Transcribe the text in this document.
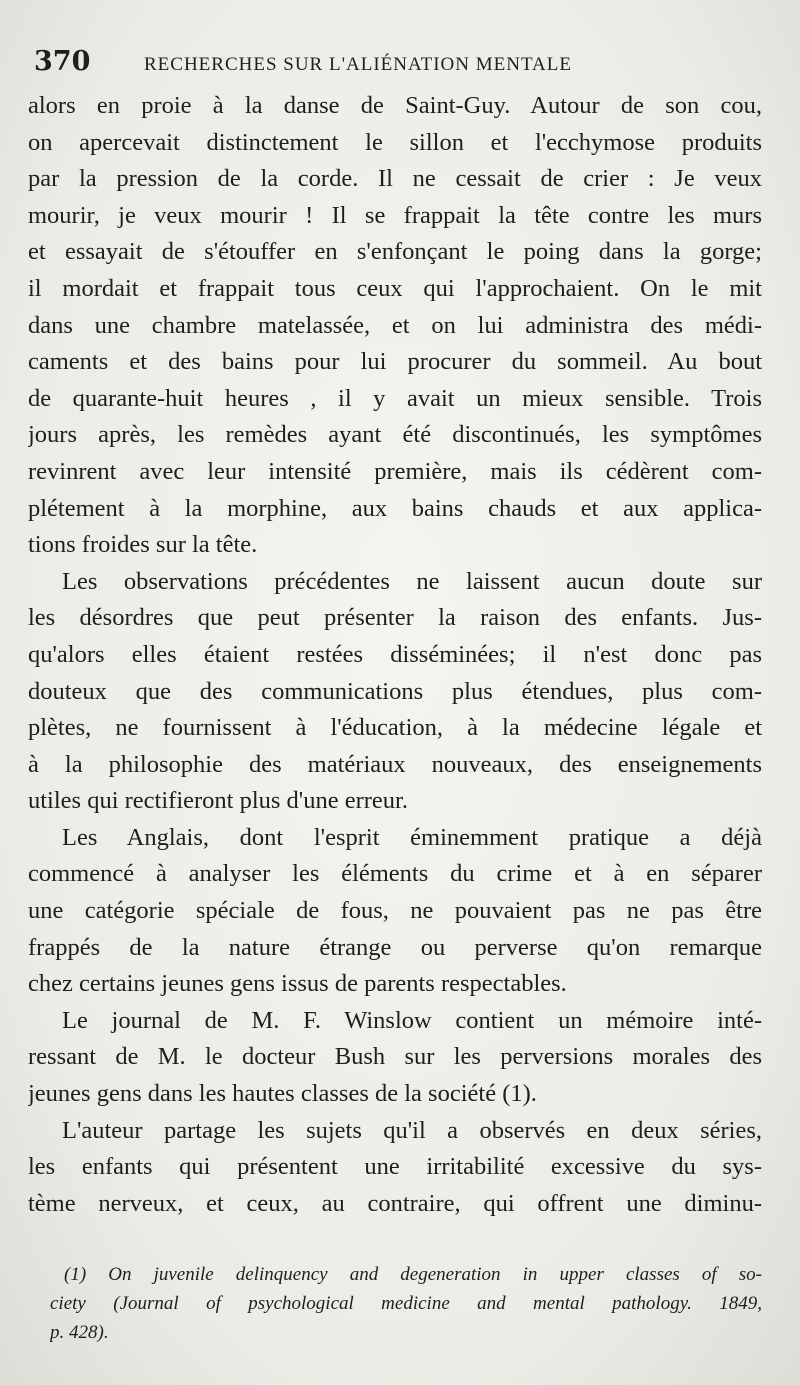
370	RECHERCHES SUR L'ALIÉNATION MENTALE
alors en proie à la danse de Saint-Guy. Autour de son cou,
on apercevait distinctement le sillon et l'ecchymose produits
par la pression de la corde. Il ne cessait de crier : Je veux
mourir, je veux mourir ! Il se frappait la tête contre les murs
et essayait de s'étouffer en s'enfonçant le poing dans la gorge;
il mordait et frappait tous ceux qui l'approchaient. On le mit
dans une chambre matelassée, et on lui administra des médi-
caments et des bains pour lui procurer du sommeil. Au bout
de quarante-huit heures , il y avait un mieux sensible. Trois
jours après, les remèdes ayant été discontinués, les symptômes
revinrent avec leur intensité première, mais ils cédèrent com-
plétement à la morphine, aux bains chauds et aux applica-
tions froides sur la tête.
Les observations précédentes ne laissent aucun doute sur
les désordres que peut présenter la raison des enfants. Jus-
qu'alors elles étaient restées disséminées; il n'est donc pas
douteux que des communications plus étendues, plus com-
plètes, ne fournissent à l'éducation, à la médecine légale et
à la philosophie des matériaux nouveaux, des enseignements
utiles qui rectifieront plus d'une erreur.
Les Anglais, dont l'esprit éminemment pratique a déjà
commencé à analyser les éléments du crime et à en séparer
une catégorie spéciale de fous, ne pouvaient pas ne pas être
frappés de la nature étrange ou perverse qu'on remarque
chez certains jeunes gens issus de parents respectables.
Le journal de M. F. Winslow contient un mémoire inté-
ressant de M. le docteur Bush sur les perversions morales des
jeunes gens dans les hautes classes de la société (1).
L'auteur partage les sujets qu'il a observés en deux séries,
les enfants qui présentent une irritabilité excessive du sys-
tème nerveux, et ceux, au contraire, qui offrent une diminu-
(1) On juvenile delinquency and degeneration in upper classes of so-
ciety (Journal of psychological medicine and mental pathology. 1849,
p. 428).
